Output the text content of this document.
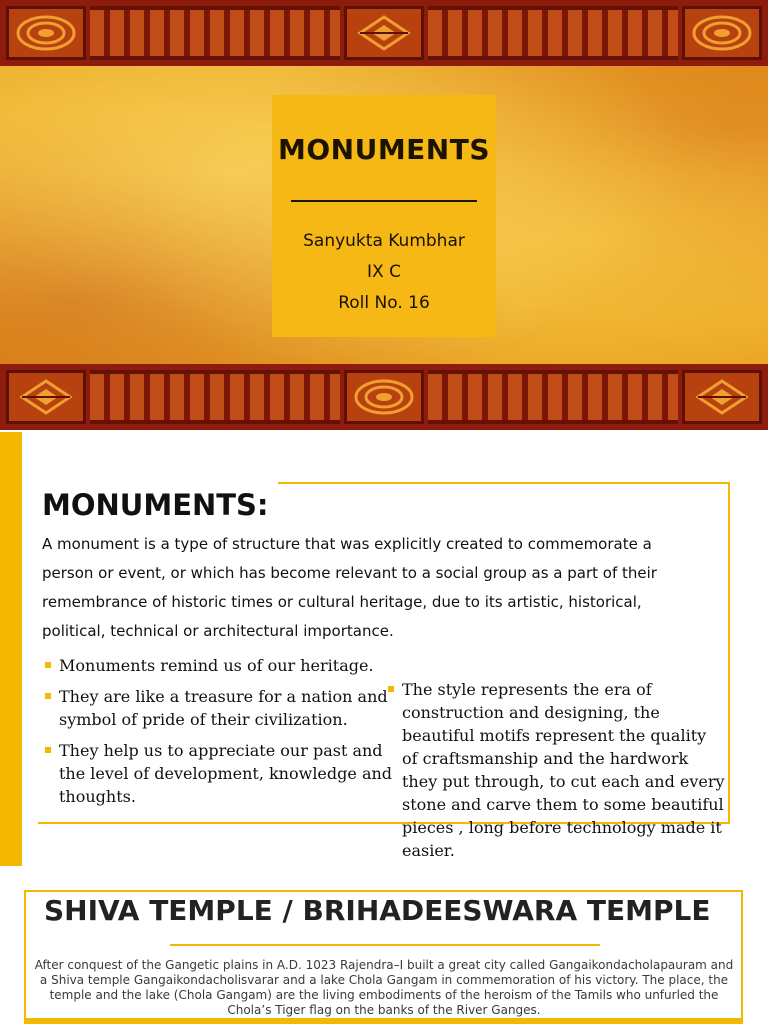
MONUMENTS
Sanyukta Kumbhar
IX C
Roll No. 16
MONUMENTS:
A monument is a type of structure that was explicitly created to commemorate a person or event, or which has become relevant to a social group as a part of their remembrance of historic times or cultural heritage, due to its artistic, historical, political, technical or architectural importance.
Monuments remind us of our heritage.
They are like a treasure for a nation and symbol of pride of their civilization.
They help us to appreciate our past and the level of development, knowledge and thoughts.
The style represents the era of construction and designing, the beautiful motifs represent the quality of craftsmanship and the hardwork they put through, to cut each and every stone and carve them to some beautiful pieces , long before technology made it easier.
SHIVA TEMPLE / BRIHADEESWARA TEMPLE
After conquest of the Gangetic plains in A.D. 1023 Rajendra–I built a great city called Gangaikondacholapauram and a Shiva temple Gangaikondacholisvarar and a lake Chola Gangam in commemoration of his victory. The place, the temple and the lake (Chola Gangam) are the living embodiments of the heroism of the Tamils who unfurled the Chola’s Tiger flag on the banks of the River Ganges.
